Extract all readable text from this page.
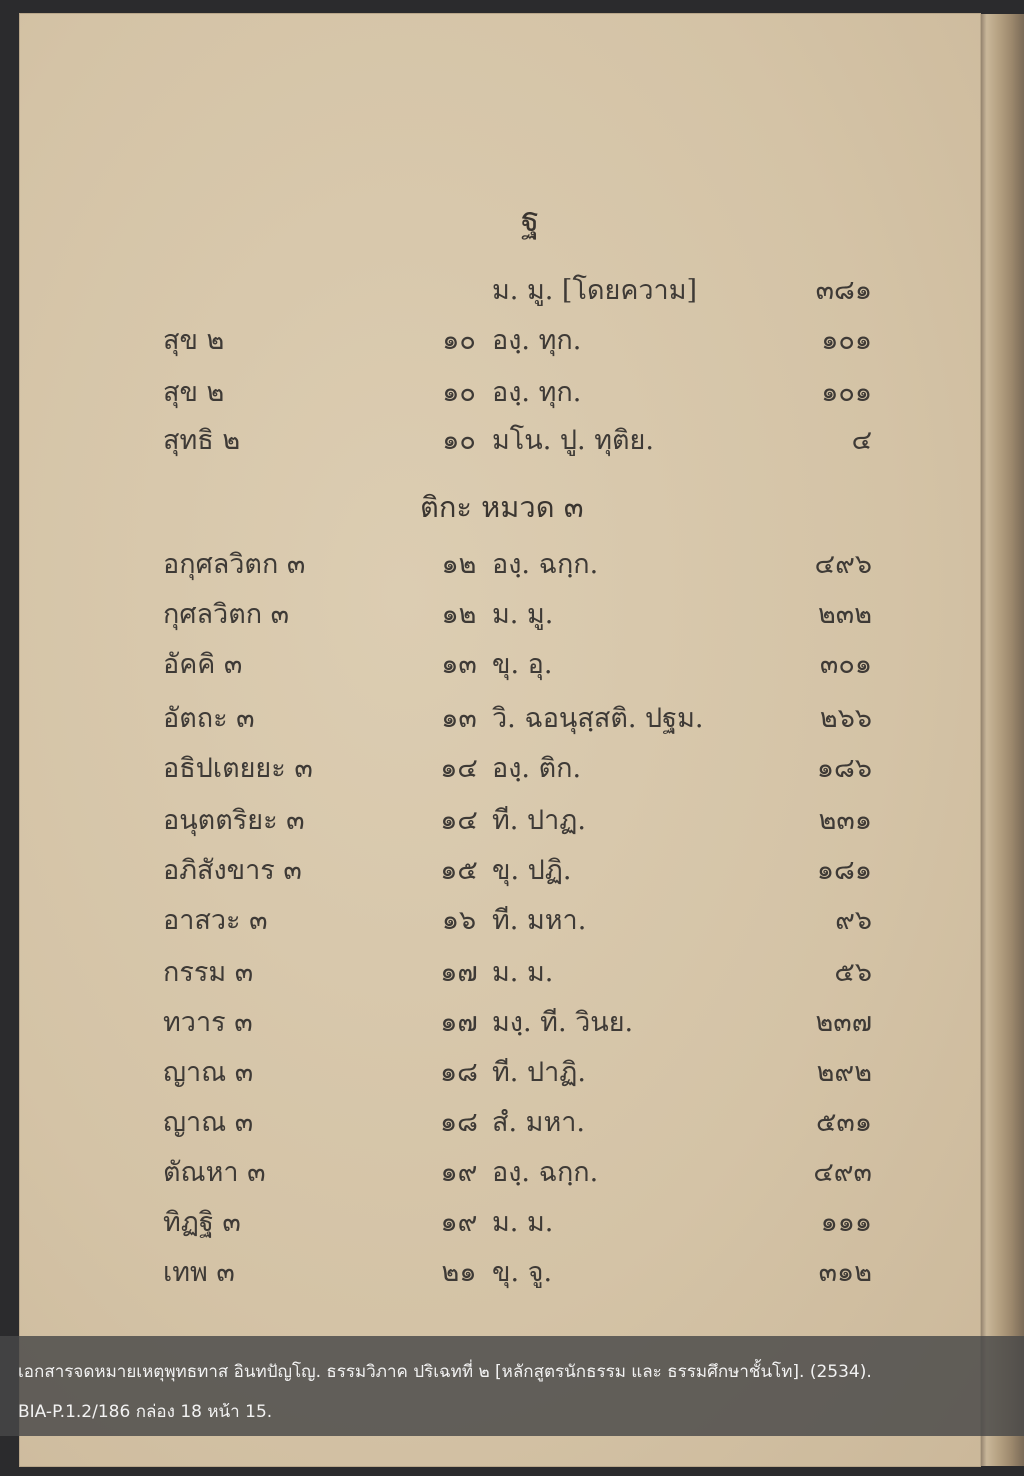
ฐ
ม. มู. [โดยความ]	๓๘๑
สุข ๒	๑๐ องฺ. ทุก.	๑๐๑
สุข ๒	๑๐ องฺ. ทุก.	๑๐๑
สุทธิ ๒	๑๐ มโน. ปู. ทุติย.	๔
ติกะ หมวด ๓
อกุศลวิตก ๓	๑๒ องฺ. ฉกฺก.	๔๙๖
กุศลวิตก ๓	๑๒ ม. มู.	๒๓๒
อัคคิ ๓	๑๓ ขุ. อุ.	๓๐๑
อัตถะ ๓	๑๓ วิ. ฉอนุสฺสติ. ปฐม.	๒๖๖
อธิปเตยยะ ๓	๑๔ องฺ. ติก.	๑๘๖
อนุตตริยะ ๓	๑๔ ที. ปาฏ.	๒๓๑
อภิสังขาร ๓	๑๕ ขุ. ปฏิ.	๑๘๑
อาสวะ ๓	๑๖ ที. มหา.	๙๖
กรรม ๓	๑๗ ม. ม.	๕๖
ทวาร ๓	๑๗ มงฺ. ที. วินย.	๒๓๗
ญาณ ๓	๑๘ ที. ปาฏิ.	๒๙๒
ญาณ ๓	๑๘ สํ. มหา.	๕๓๑
ตัณหา ๓	๑๙ องฺ. ฉกฺก.	๔๙๓
ทิฏฐิ ๓	๑๙ ม. ม.	๑๑๑
เทพ ๓	๒๑ ขุ. จู.	๓๑๒
เอกสารจดหมายเหตุพุทธทาส อินทปัญโญ. ธรรมวิภาค ปริเฉทที่ ๒ [หลักสูตรนักธรรม และ ธรรมศึกษาชั้นโท]. (2534).
BIA-P.1.2/186 กล่อง 18 หน้า 15.
